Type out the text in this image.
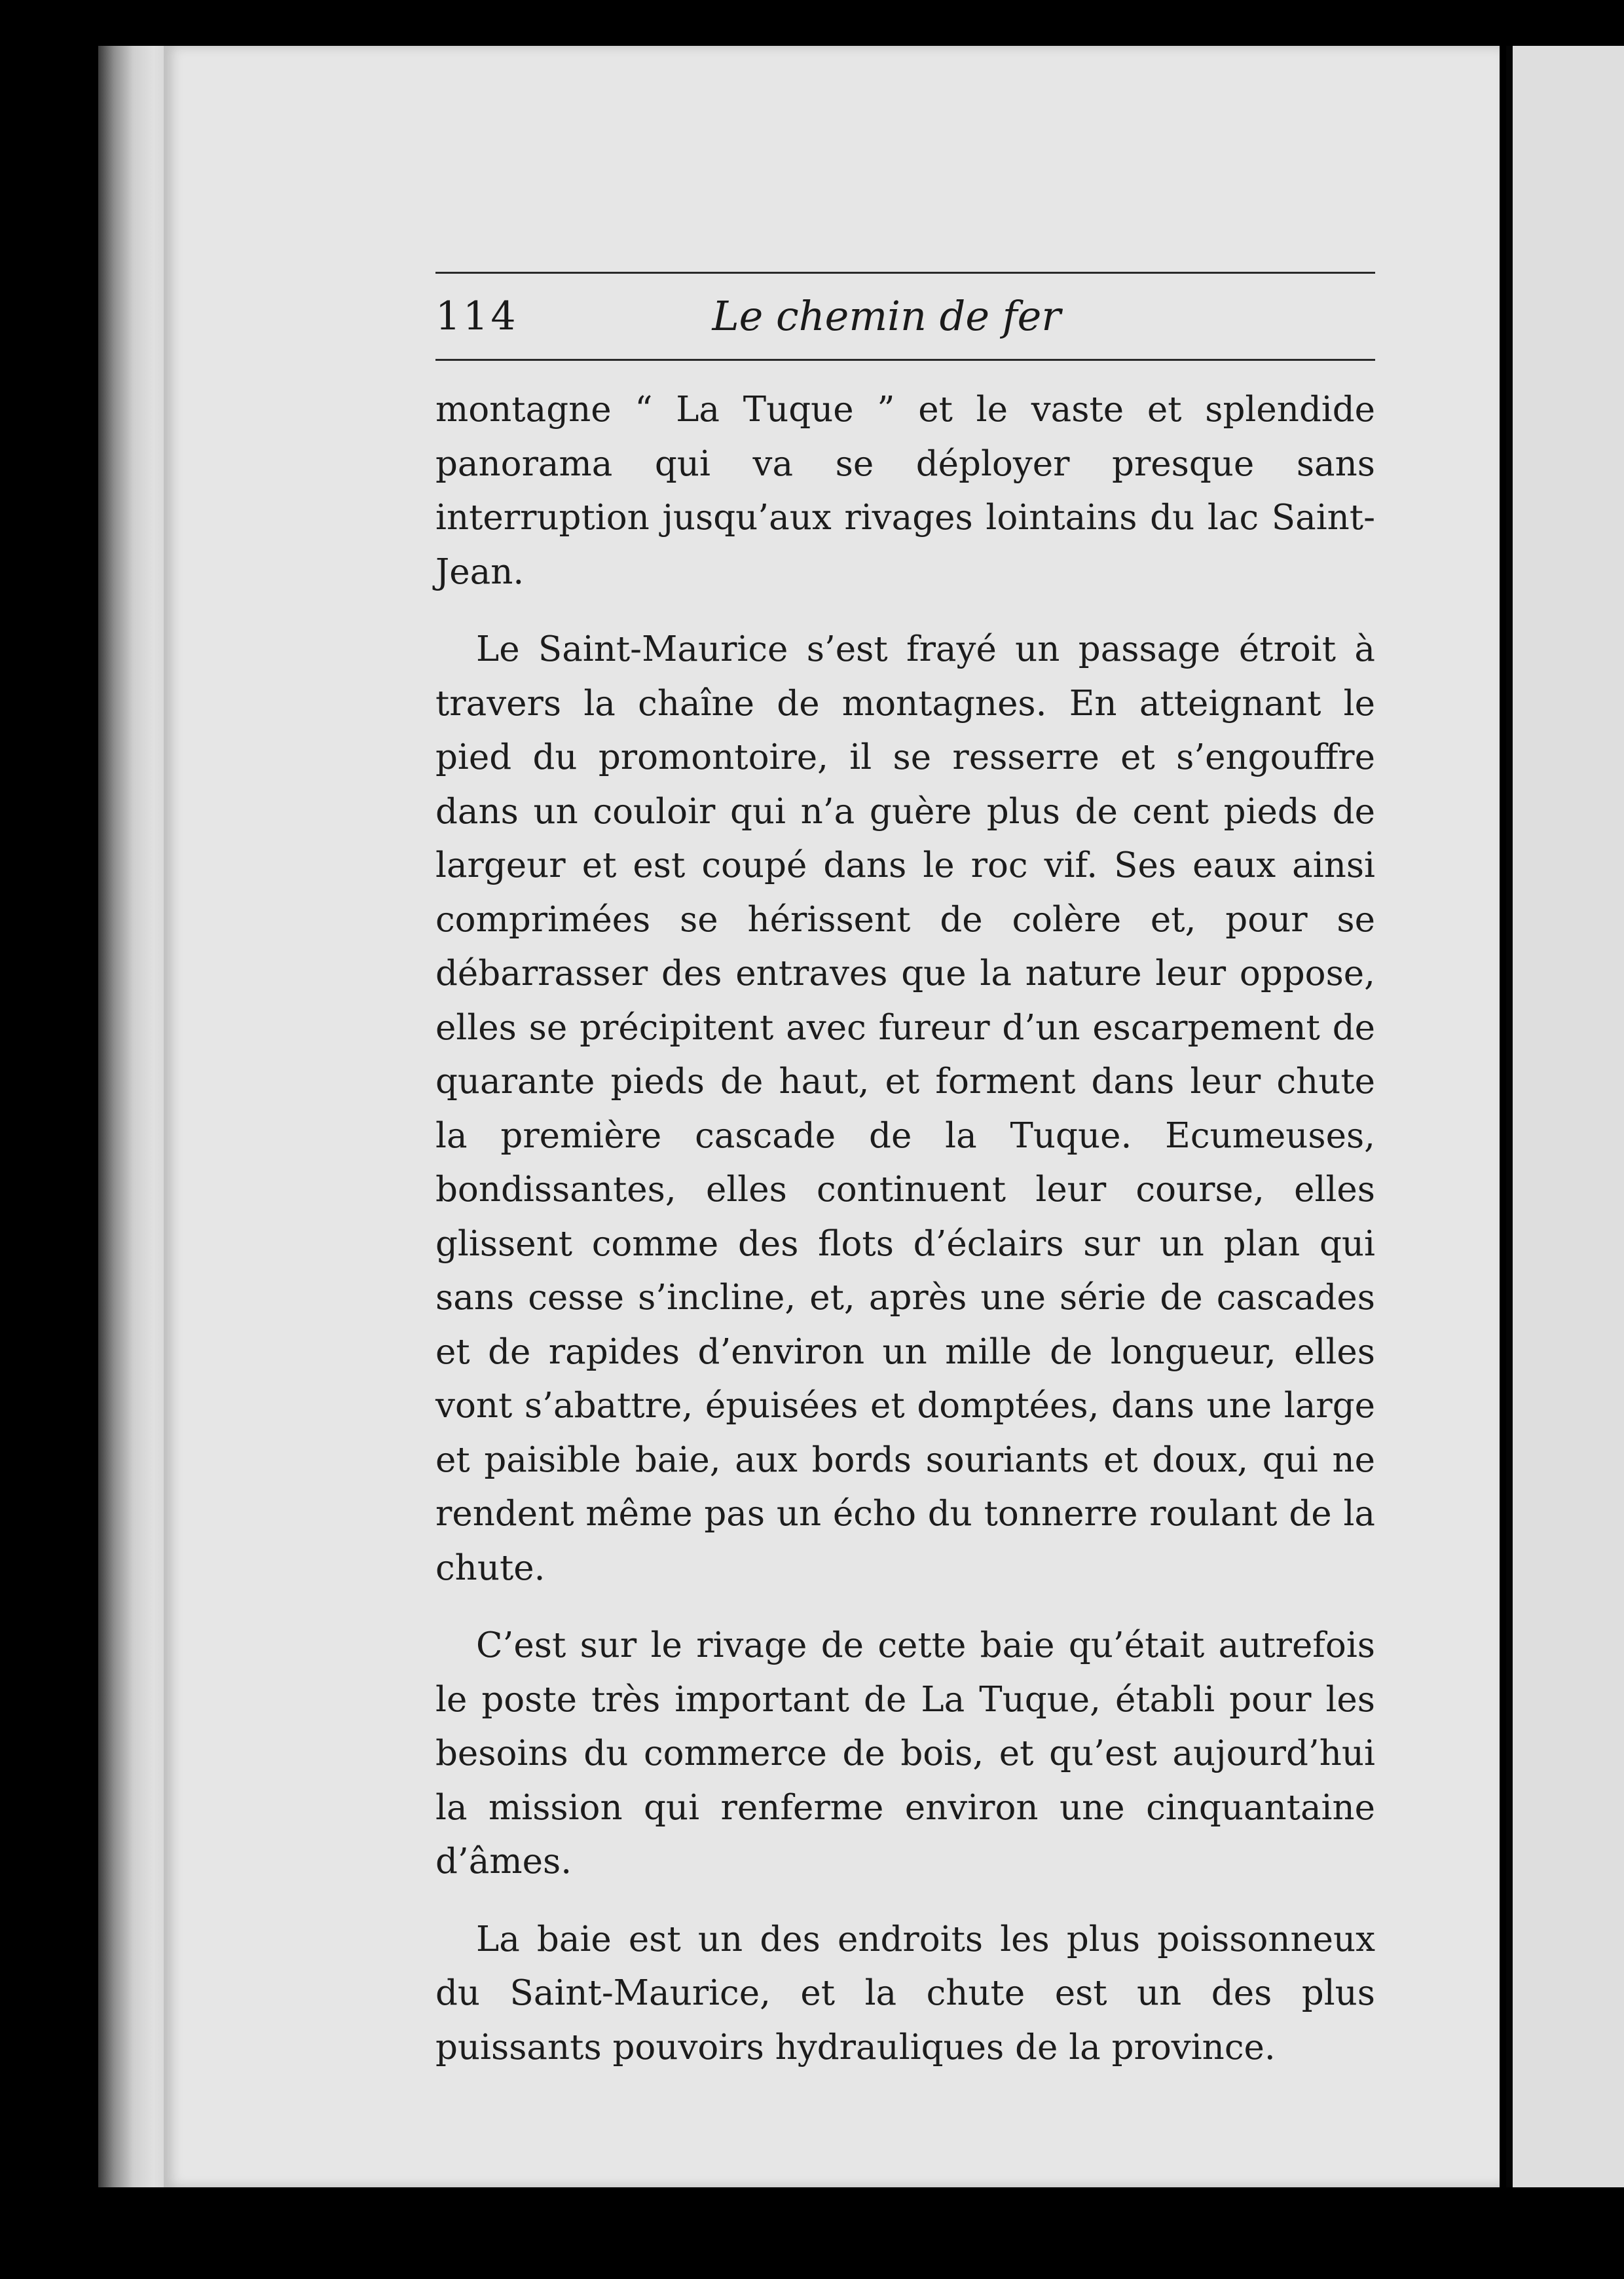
114	Le chemin de fer

montagne “ La Tuque ” et le vaste et splendide panorama qui va se déployer presque sans interruption jusqu’aux rivages lointains du lac Saint-Jean.

Le Saint-Maurice s’est frayé un passage étroit à travers la chaîne de montagnes. En atteignant le pied du promontoire, il se resserre et s’engouffre dans un couloir qui n’a guère plus de cent pieds de largeur et est coupé dans le roc vif. Ses eaux ainsi comprimées se hérissent de colère et, pour se débarrasser des entraves que la nature leur oppose, elles se précipitent avec fureur d’un escarpement de quarante pieds de haut, et forment dans leur chute la première cascade de la Tuque. Ecumeuses, bondissantes, elles continuent leur course, elles glissent comme des flots d’éclairs sur un plan qui sans cesse s’incline, et, après une série de cascades et de rapides d’environ un mille de longueur, elles vont s’abattre, épuisées et domptées, dans une large et paisible baie, aux bords souriants et doux, qui ne rendent même pas un écho du tonnerre roulant de la chute.

C’est sur le rivage de cette baie qu’était autrefois le poste très important de La Tuque, établi pour les besoins du commerce de bois, et qu’est aujourd’hui la mission qui renferme environ une cinquantaine d’âmes.

La baie est un des endroits les plus poissonneux du Saint-Maurice, et la chute est un des plus puissants pouvoirs hydrauliques de la province.
